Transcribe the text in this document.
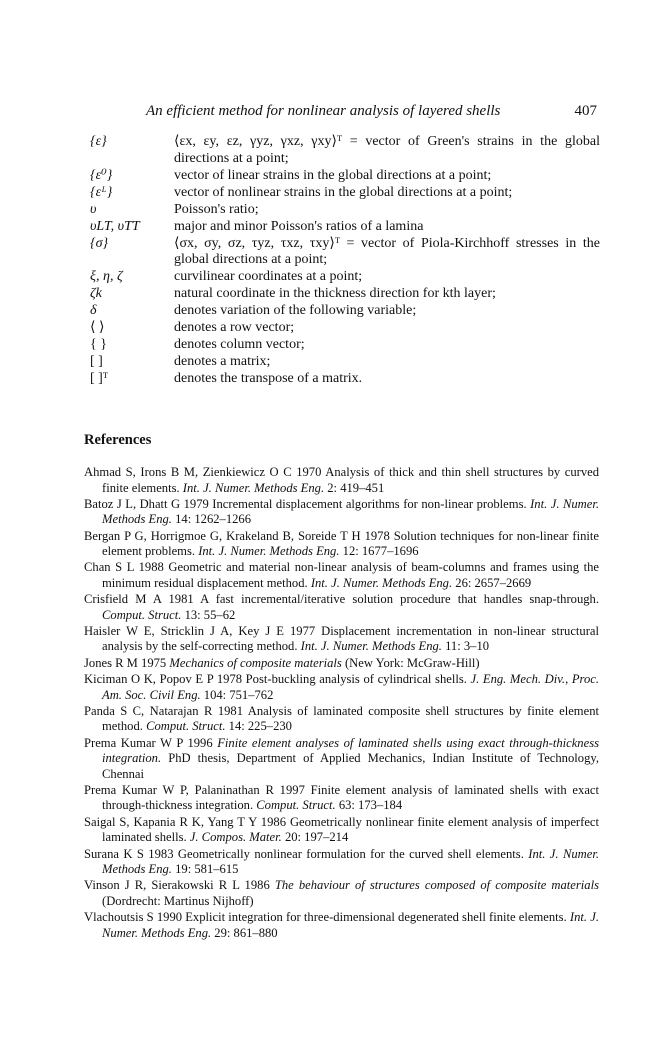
An efficient method for nonlinear analysis of layered shells	407
{ε}	⟨εx, εy, εz, γyz, γxz, γxy⟩ᵀ = vector of Green's strains in the global directions at a point;
{ε⁰}	vector of linear strains in the global directions at a point;
{εᴸ}	vector of nonlinear strains in the global directions at a point;
υ	Poisson's ratio;
υLT, υTT	major and minor Poisson's ratios of a lamina
{σ}	⟨σx, σy, σz, τyz, τxz, τxy⟩ᵀ = vector of Piola-Kirchhoff stresses in the global directions at a point;
ξ, η, ζ	curvilinear coordinates at a point;
ζk	natural coordinate in the thickness direction for kth layer;
δ	denotes variation of the following variable;
⟨ ⟩	denotes a row vector;
{ }	denotes column vector;
[ ]	denotes a matrix;
[ ]ᵀ	denotes the transpose of a matrix.
References
Ahmad S, Irons B M, Zienkiewicz O C 1970 Analysis of thick and thin shell structures by curved finite elements. Int. J. Numer. Methods Eng. 2: 419–451
Batoz J L, Dhatt G 1979 Incremental displacement algorithms for non-linear problems. Int. J. Numer. Methods Eng. 14: 1262–1266
Bergan P G, Horrigmoe G, Krakeland B, Soreide T H 1978 Solution techniques for non-linear finite element problems. Int. J. Numer. Methods Eng. 12: 1677–1696
Chan S L 1988 Geometric and material non-linear analysis of beam-columns and frames using the minimum residual displacement method. Int. J. Numer. Methods Eng. 26: 2657–2669
Crisfield M A 1981 A fast incremental/iterative solution procedure that handles snap-through. Comput. Struct. 13: 55–62
Haisler W E, Stricklin J A, Key J E 1977 Displacement incrementation in non-linear structural analysis by the self-correcting method. Int. J. Numer. Methods Eng. 11: 3–10
Jones R M 1975 Mechanics of composite materials (New York: McGraw-Hill)
Kiciman O K, Popov E P 1978 Post-buckling analysis of cylindrical shells. J. Eng. Mech. Div., Proc. Am. Soc. Civil Eng. 104: 751–762
Panda S C, Natarajan R 1981 Analysis of laminated composite shell structures by finite element method. Comput. Struct. 14: 225–230
Prema Kumar W P 1996 Finite element analyses of laminated shells using exact through-thickness integration. PhD thesis, Department of Applied Mechanics, Indian Institute of Technology, Chennai
Prema Kumar W P, Palaninathan R 1997 Finite element analysis of laminated shells with exact through-thickness integration. Comput. Struct. 63: 173–184
Saigal S, Kapania R K, Yang T Y 1986 Geometrically nonlinear finite element analysis of imperfect laminated shells. J. Compos. Mater. 20: 197–214
Surana K S 1983 Geometrically nonlinear formulation for the curved shell elements. Int. J. Numer. Methods Eng. 19: 581–615
Vinson J R, Sierakowski R L 1986 The behaviour of structures composed of composite materials (Dordrecht: Martinus Nijhoff)
Vlachoutsis S 1990 Explicit integration for three-dimensional degenerated shell finite elements. Int. J. Numer. Methods Eng. 29: 861–880
